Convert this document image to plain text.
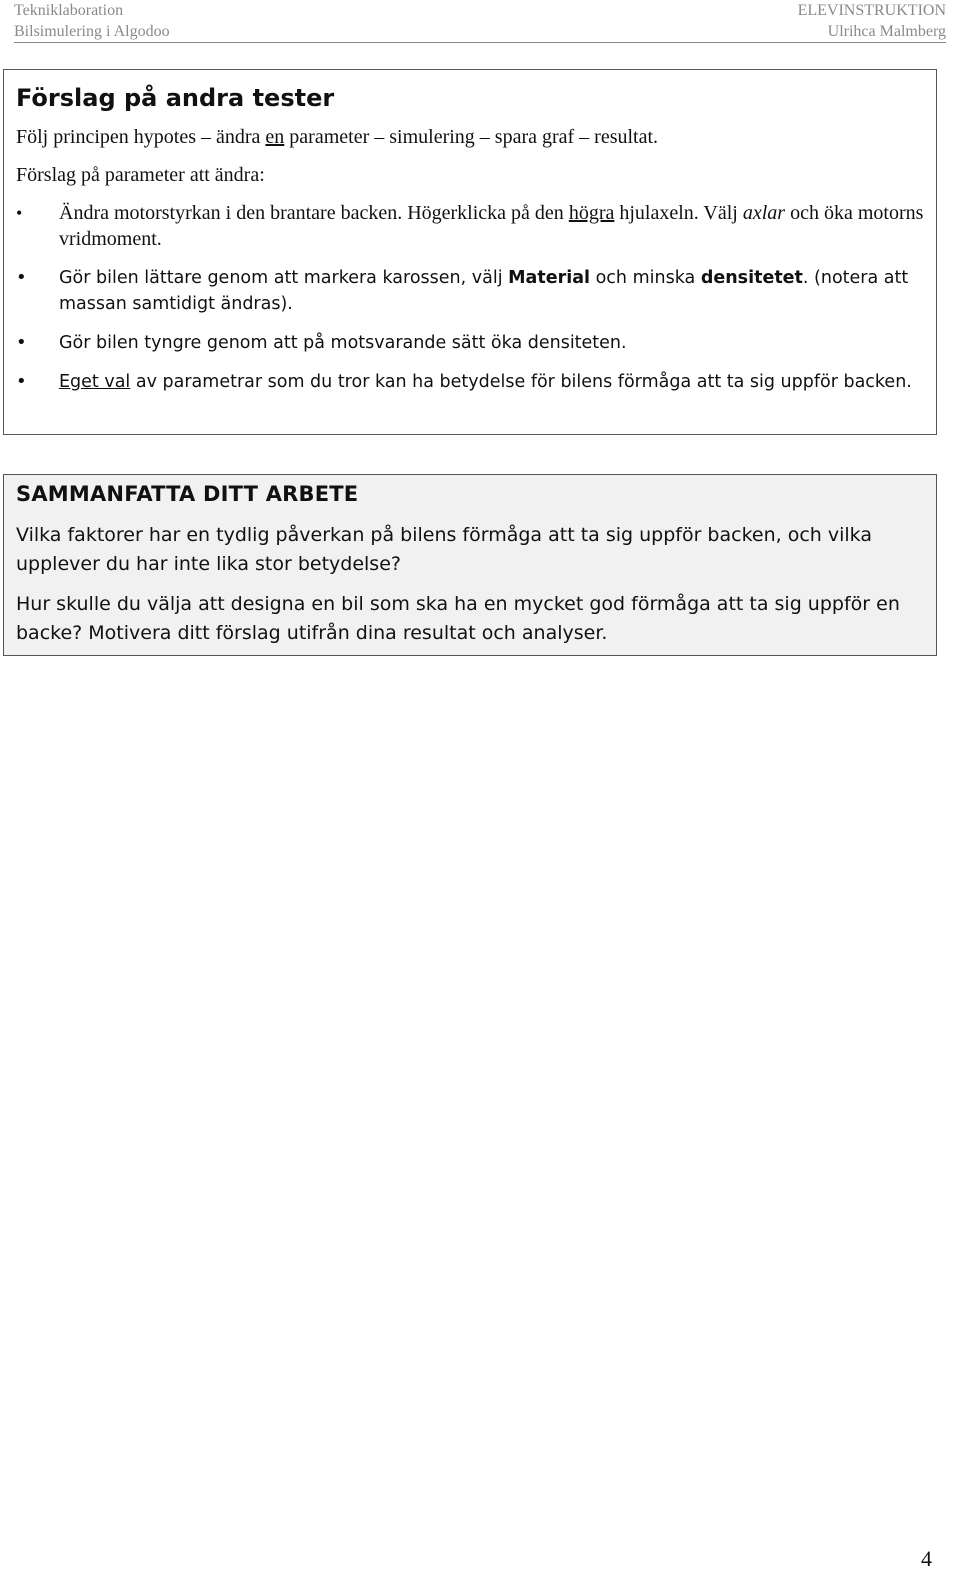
Tekniklaboration
Bilsimulering i Algodoo
ELEVINSTRUKTION
Ulrihca Malmberg
Förslag på andra tester

Följ principen hypotes – ändra en parameter – simulering – spara graf – resultat.

Förslag på parameter att ändra:

• Ändra motorstyrkan i den brantare backen. Högerklicka på den högra hjulaxeln. Välj axlar och öka motorns vridmoment.
• Gör bilen lättare genom att markera karossen, välj Material och minska densitetet. (notera att massan samtidigt ändras).
• Gör bilen tyngre genom att på motsvarande sätt öka densiteten.
• Eget val av parametrar som du tror kan ha betydelse för bilens förmåga att ta sig uppför backen.
SAMMANFATTA DITT ARBETE

Vilka faktorer har en tydlig påverkan på bilens förmåga att ta sig uppför backen, och vilka upplever du har inte lika stor betydelse?

Hur skulle du välja att designa en bil som ska ha en mycket god förmåga att ta sig uppför en backe? Motivera ditt förslag utifrån dina resultat och analyser.

4
